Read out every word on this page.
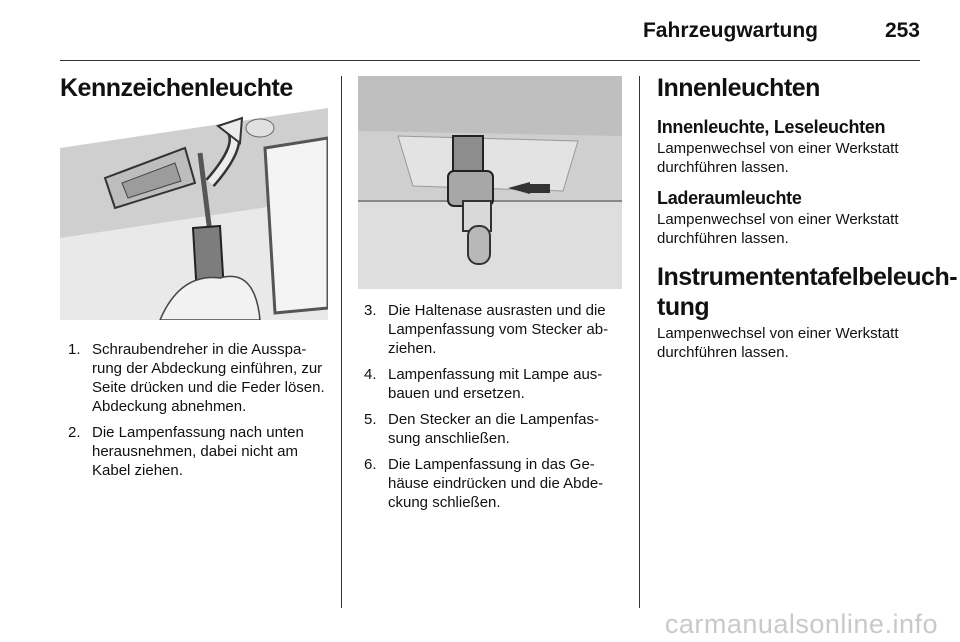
Fahrzeugwartung	253
Kennzeichenleuchte
1. Schraubendreher in die Aussparung der Abdeckung einführen, zur Seite drücken und die Feder lösen. Abdeckung abnehmen.
2. Die Lampenfassung nach unten herausnehmen, dabei nicht am Kabel ziehen.
3. Die Haltenase ausrasten und die Lampenfassung vom Stecker abziehen.
4. Lampenfassung mit Lampe ausbauen und ersetzen.
5. Den Stecker an die Lampenfassung anschließen.
6. Die Lampenfassung in das Gehäuse eindrücken und die Abdeckung schließen.
Innenleuchten
Innenleuchte, Leseleuchten
Lampenwechsel von einer Werkstatt durchführen lassen.
Laderaumleuchte
Lampenwechsel von einer Werkstatt durchführen lassen.
Instrumententafelbeleuchtung
Lampenwechsel von einer Werkstatt durchführen lassen.
carmanualsonline.info
